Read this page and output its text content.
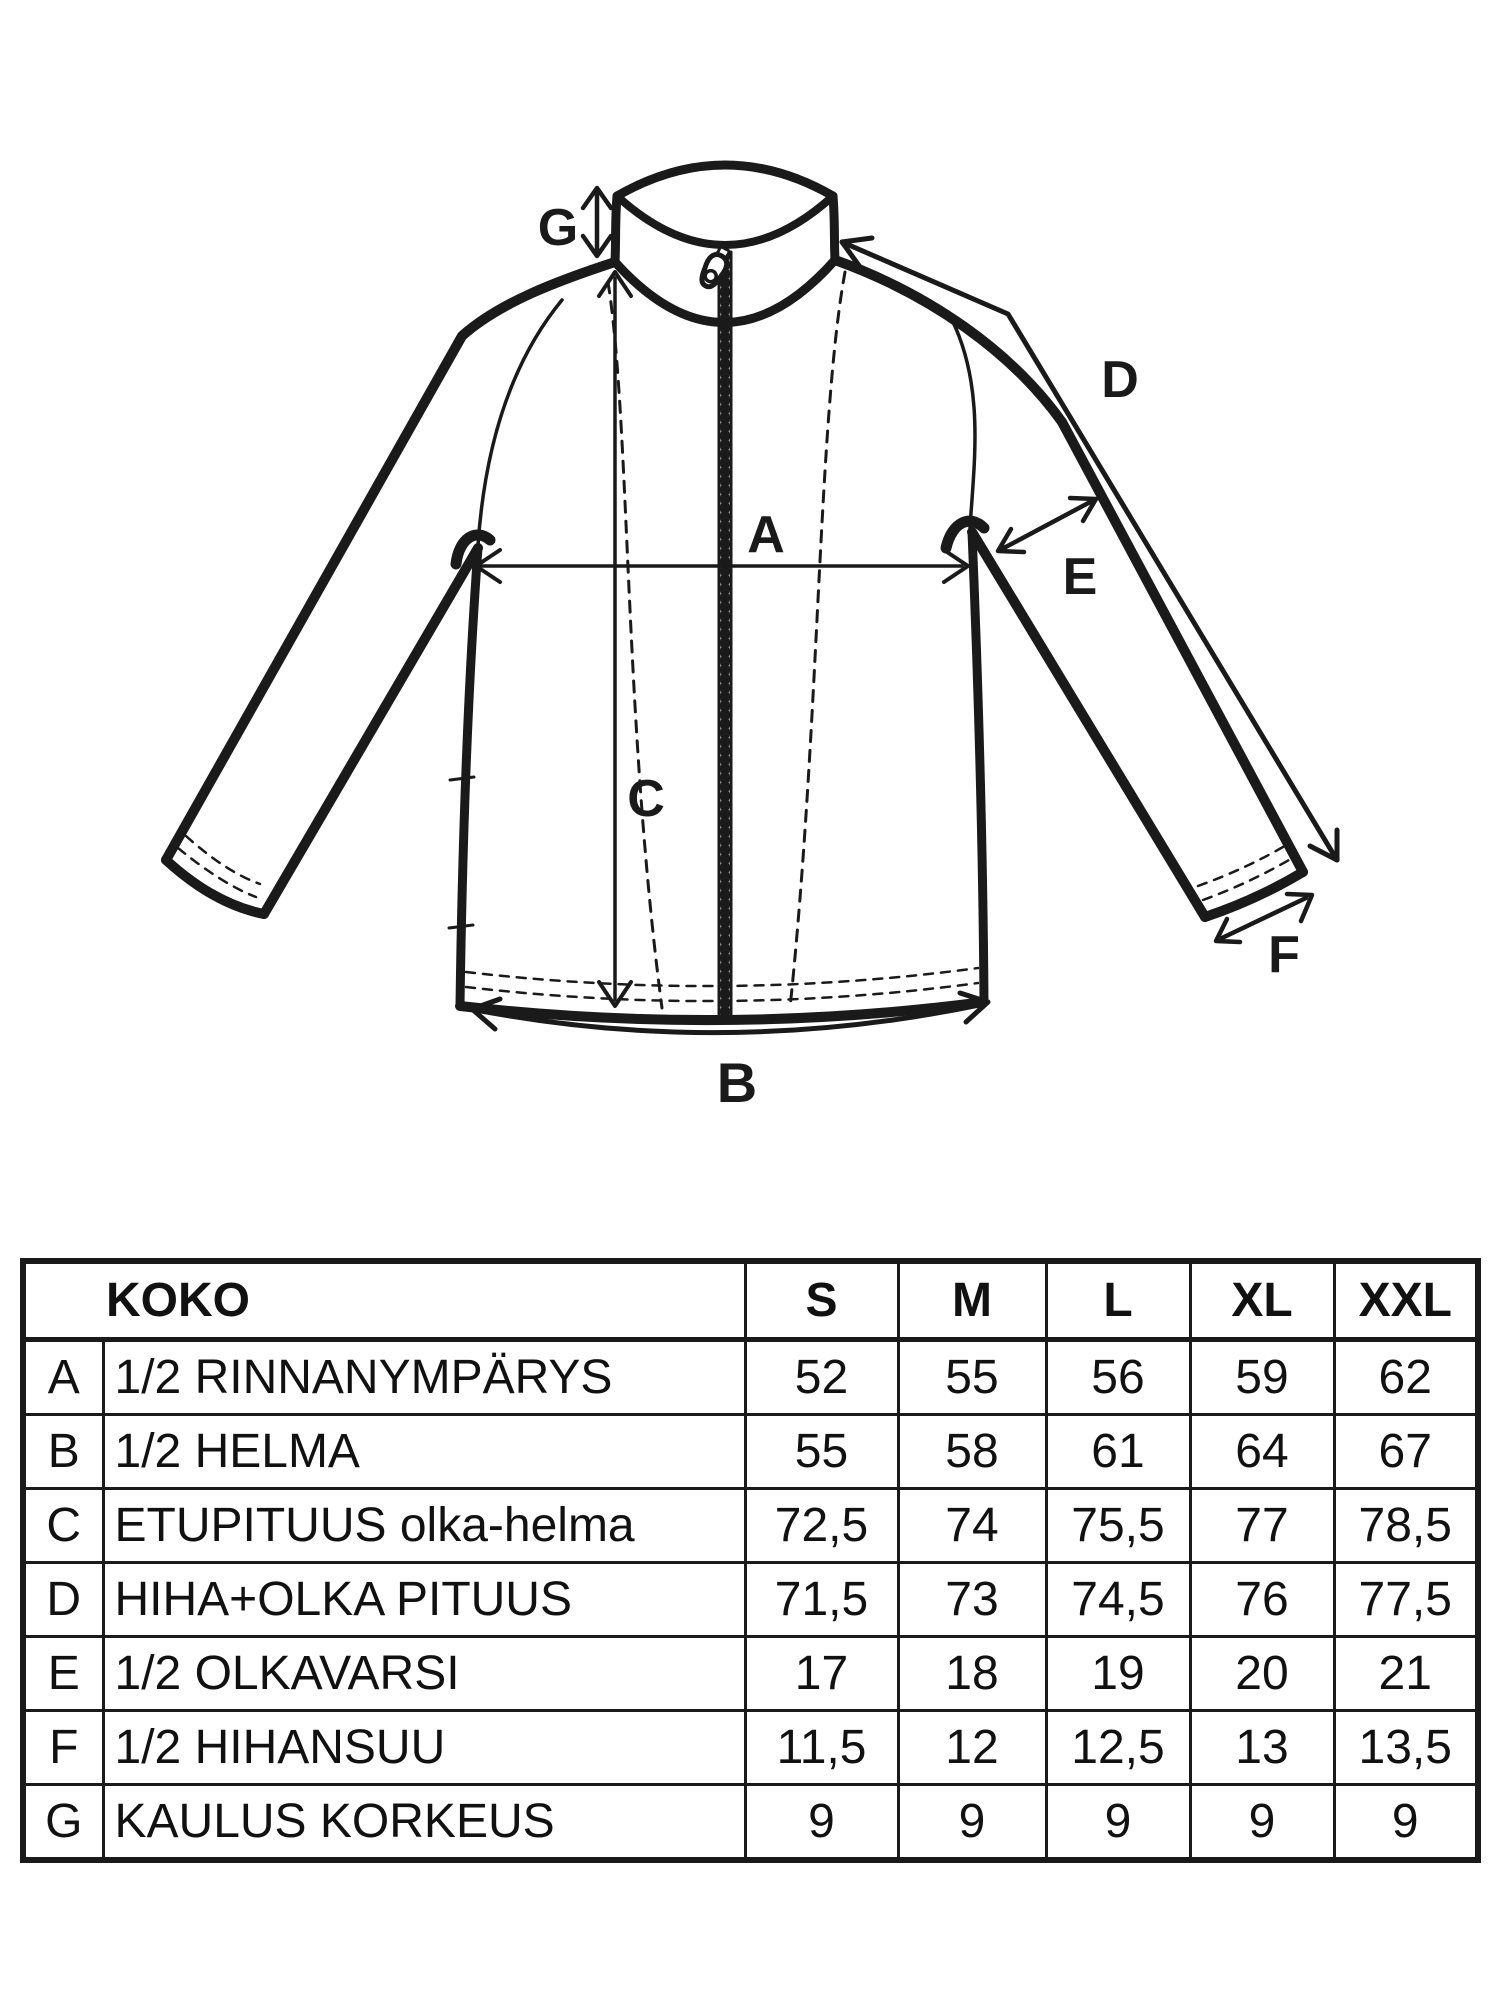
A
B
C
D
E
F
G
KOKO		S	M	L	XL	XXL
A	1/2 RINNANYMPÄRYS	52	55	56	59	62
B	1/2 HELMA	55	58	61	64	67
C	ETUPITUUS olka-helma	72,5	74	75,5	77	78,5
D	HIHA+OLKA PITUUS	71,5	73	74,5	76	77,5
E	1/2 OLKAVARSI	17	18	19	20	21
F	1/2 HIHANSUU	11,5	12	12,5	13	13,5
G	KAULUS KORKEUS	9	9	9	9	9
